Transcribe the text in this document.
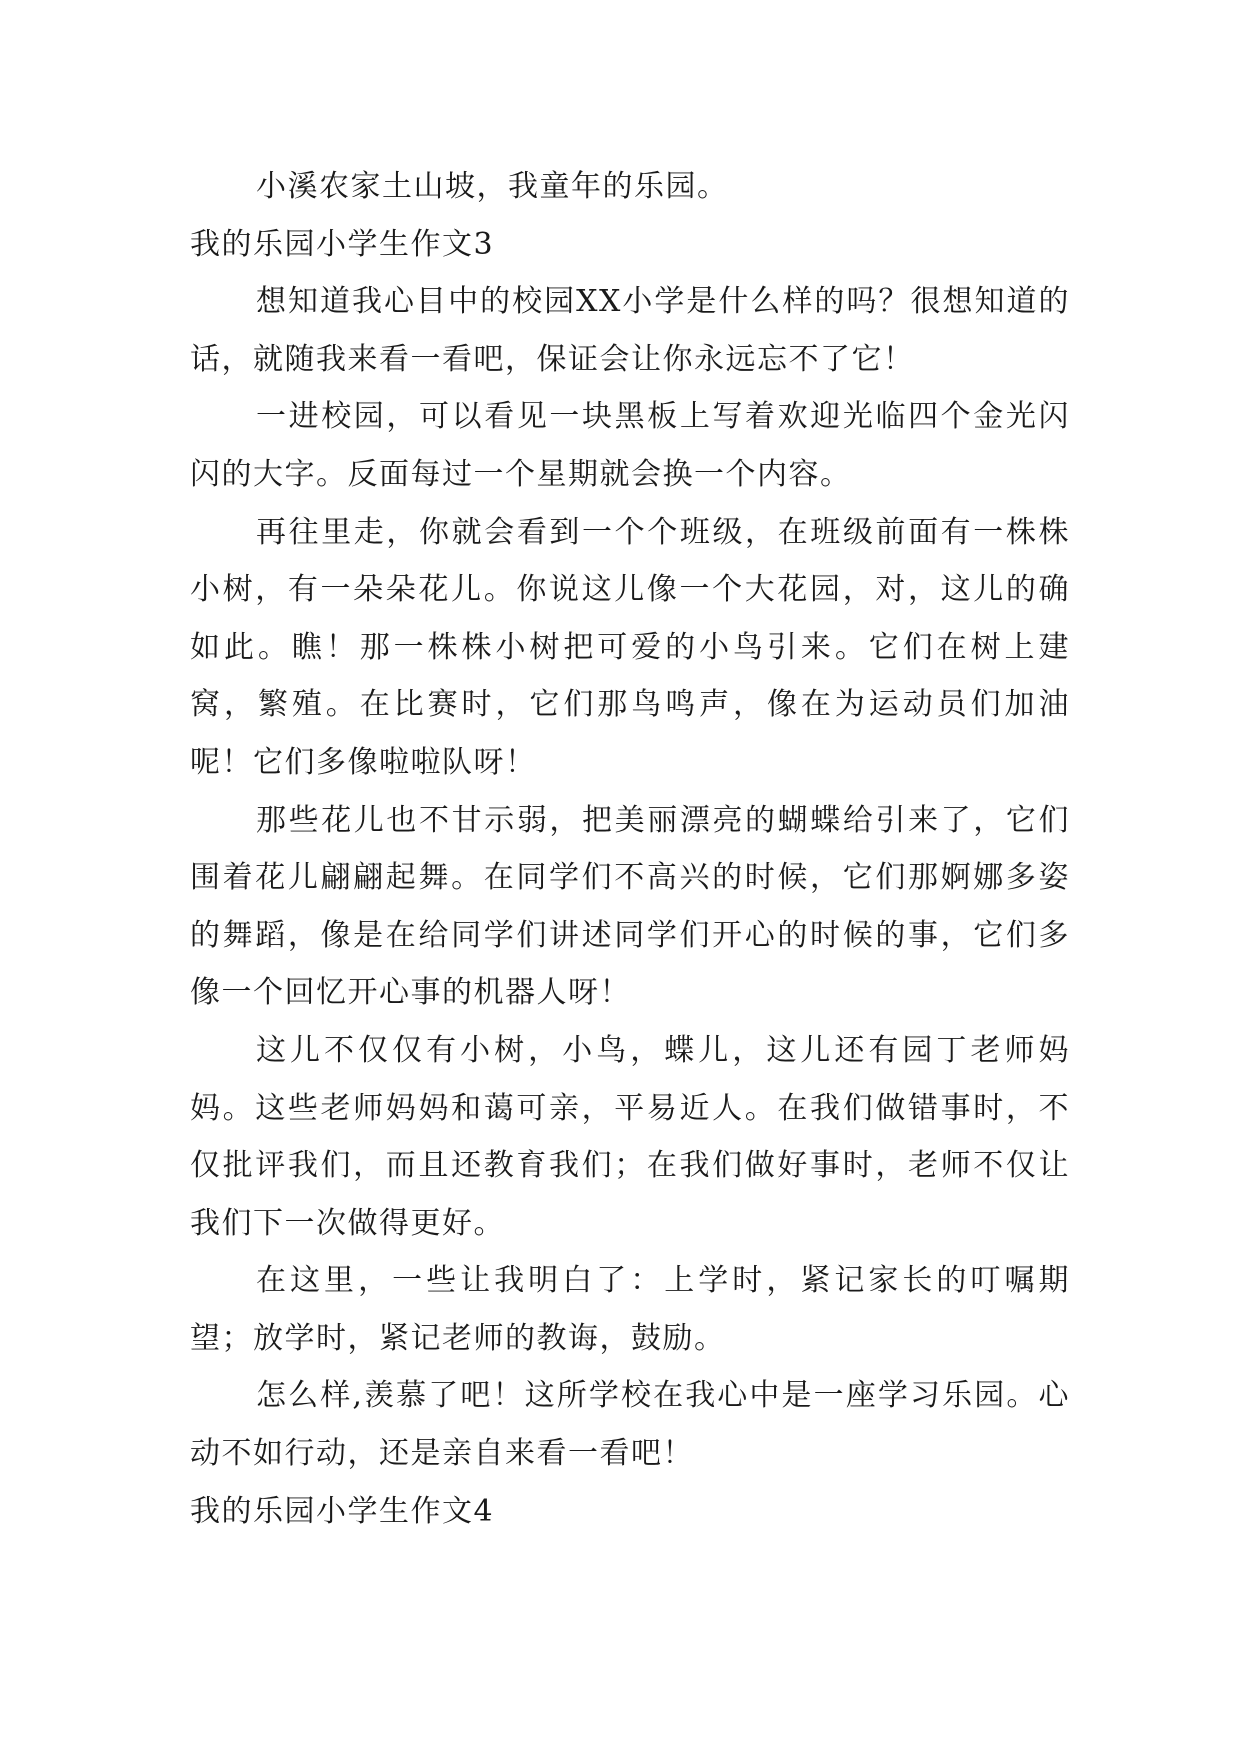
小溪农家土山坡，我童年的乐园。

我的乐园小学生作文3

想知道我心目中的校园XX小学是什么样的吗？很想知道的话，就随我来看一看吧，保证会让你永远忘不了它！

一进校园，可以看见一块黑板上写着欢迎光临四个金光闪闪的大字。反面每过一个星期就会换一个内容。

再往里走，你就会看到一个个班级，在班级前面有一株株小树，有一朵朵花儿。你说这儿像一个大花园，对，这儿的确如此。瞧！那一株株小树把可爱的小鸟引来。它们在树上建窝，繁殖。在比赛时，它们那鸟鸣声，像在为运动员们加油呢！它们多像啦啦队呀！

那些花儿也不甘示弱，把美丽漂亮的蝴蝶给引来了，它们围着花儿翩翩起舞。在同学们不高兴的时候，它们那婀娜多姿的舞蹈，像是在给同学们讲述同学们开心的时候的事，它们多像一个回忆开心事的机器人呀！

这儿不仅仅有小树，小鸟，蝶儿，这儿还有园丁老师妈妈。这些老师妈妈和蔼可亲，平易近人。在我们做错事时，不仅批评我们，而且还教育我们；在我们做好事时，老师不仅让我们下一次做得更好。

在这里，一些让我明白了：上学时，紧记家长的叮嘱期望；放学时，紧记老师的教诲，鼓励。

怎么样,羡慕了吧！这所学校在我心中是一座学习乐园。心动不如行动，还是亲自来看一看吧！

我的乐园小学生作文4
